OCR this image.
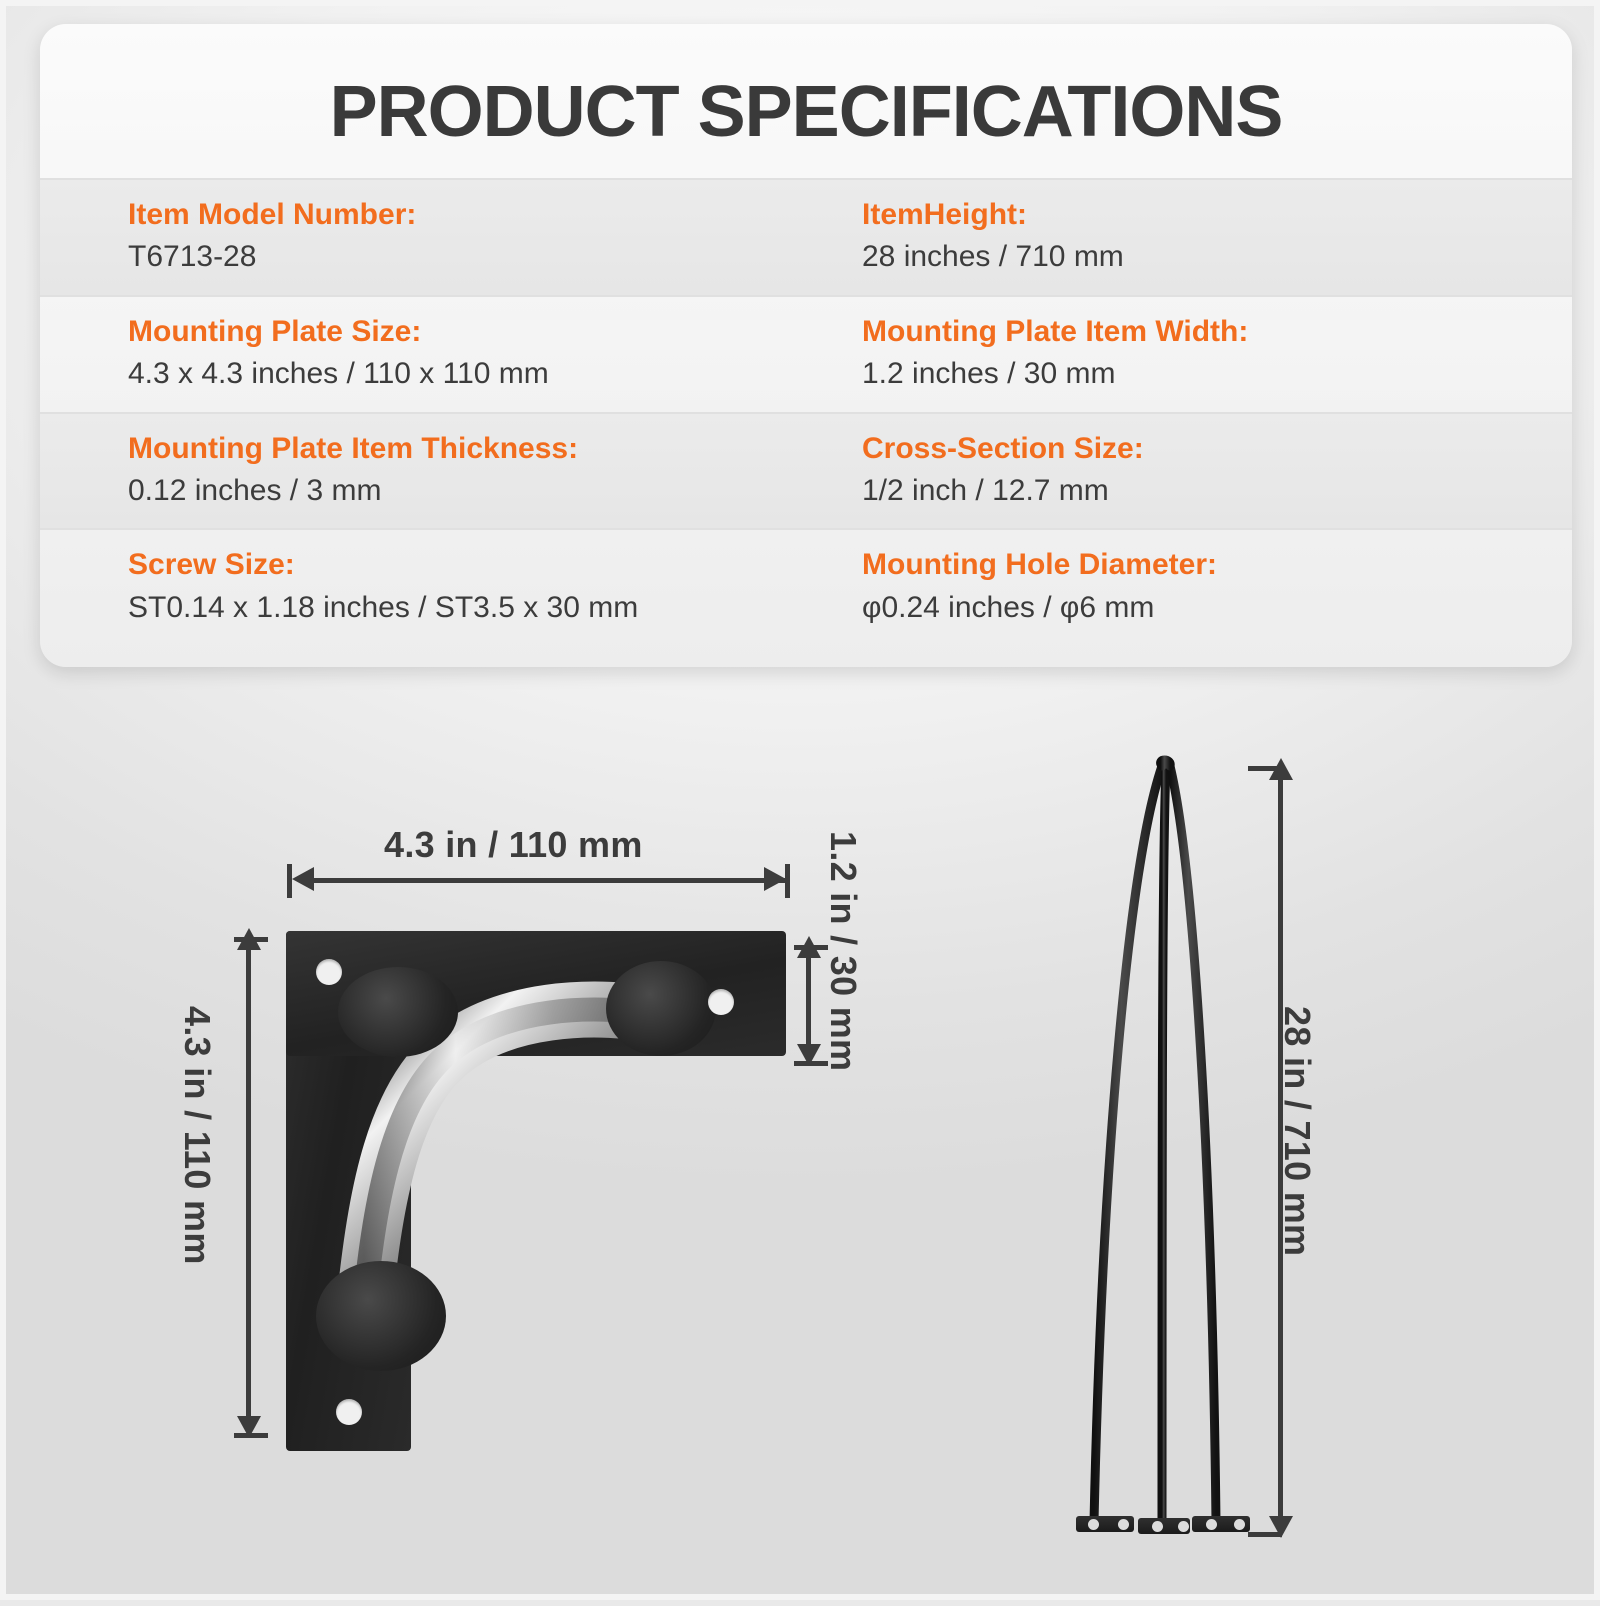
PRODUCT SPECIFICATIONS
Item Model Number:
T6713-28
ItemHeight:
28 inches / 710 mm
Mounting Plate Size:
4.3 x 4.3 inches / 110 x 110 mm
Mounting Plate Item Width:
1.2 inches / 30 mm
Mounting Plate Item Thickness:
0.12 inches / 3 mm
Cross-Section Size:
1/2 inch / 12.7 mm
Screw Size:
ST0.14 x 1.18 inches / ST3.5 x 30 mm
Mounting Hole Diameter:
φ0.24 inches / φ6 mm
4.3 in / 110 mm
4.3 in / 110 mm
1.2 in / 30 mm
28 in / 710 mm
